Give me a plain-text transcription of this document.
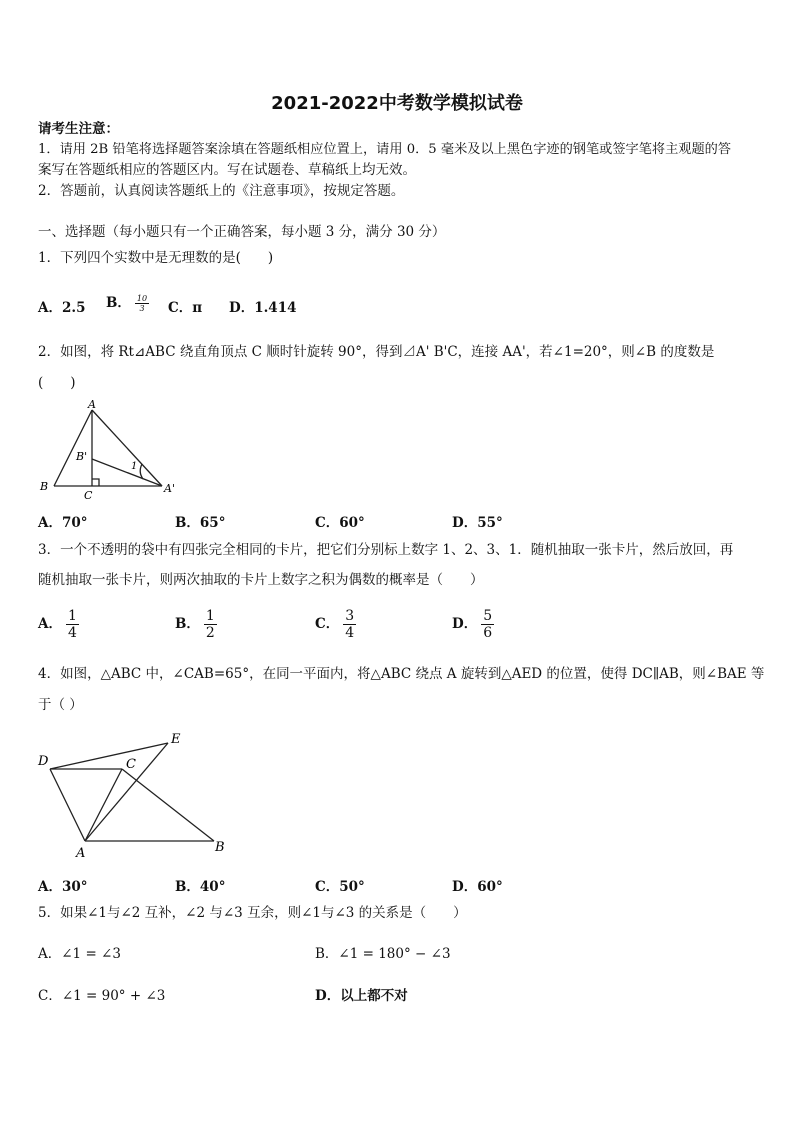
2021-2022中考数学模拟试卷
请考生注意：
1．请用 2B 铅笔将选择题答案涂填在答题纸相应位置上，请用 0．5 毫米及以上黑色字迹的钢笔或签字笔将主观题的答
案写在答题纸相应的答题区内。写在试题卷、草稿纸上均无效。
2．答题前，认真阅读答题纸上的《注意事项》，按规定答题。
一、选择题（每小题只有一个正确答案，每小题 3 分，满分 30 分）
1．下列四个实数中是无理数的是(　　)
A．2.5 B． $\frac{10}{3}$ C．π D．1.414
2．如图，将 Rt⊿ABC 绕直角顶点 C 顺时针旋转 90°，得到⊿A' B'C，连接 AA'，若∠1=20°，则∠B 的度数是
(　　)
A
B
B'
C
A'
1
A．70°	B．65°	C．60°	D．55°
3．一个不透明的袋中有四张完全相同的卡片，把它们分别标上数字 1、2、3、1．随机抽取一张卡片，然后放回，再
随机抽取一张卡片，则两次抽取的卡片上数字之积为偶数的概率是（　　）
A． $\frac{1}{4}$	B． $\frac{1}{2}$	C． $\frac{3}{4}$	D． $\frac{5}{6}$
4．如图，△ABC 中，∠CAB=65°，在同一平面内，将△ABC 绕点 A 旋转到△AED 的位置，使得 DC∥AB，则∠BAE 等
于（ ）
D
E
C
A	B
A．30°	B．40°	C．50°	D．60°
5．如果∠1与∠2 互补，∠2 与∠3 互余，则∠1与∠3 的关系是（　　）
A．∠1 = ∠3	B．∠1 = 180° − ∠3
C．∠1 = 90° + ∠3	D．以上都不对
